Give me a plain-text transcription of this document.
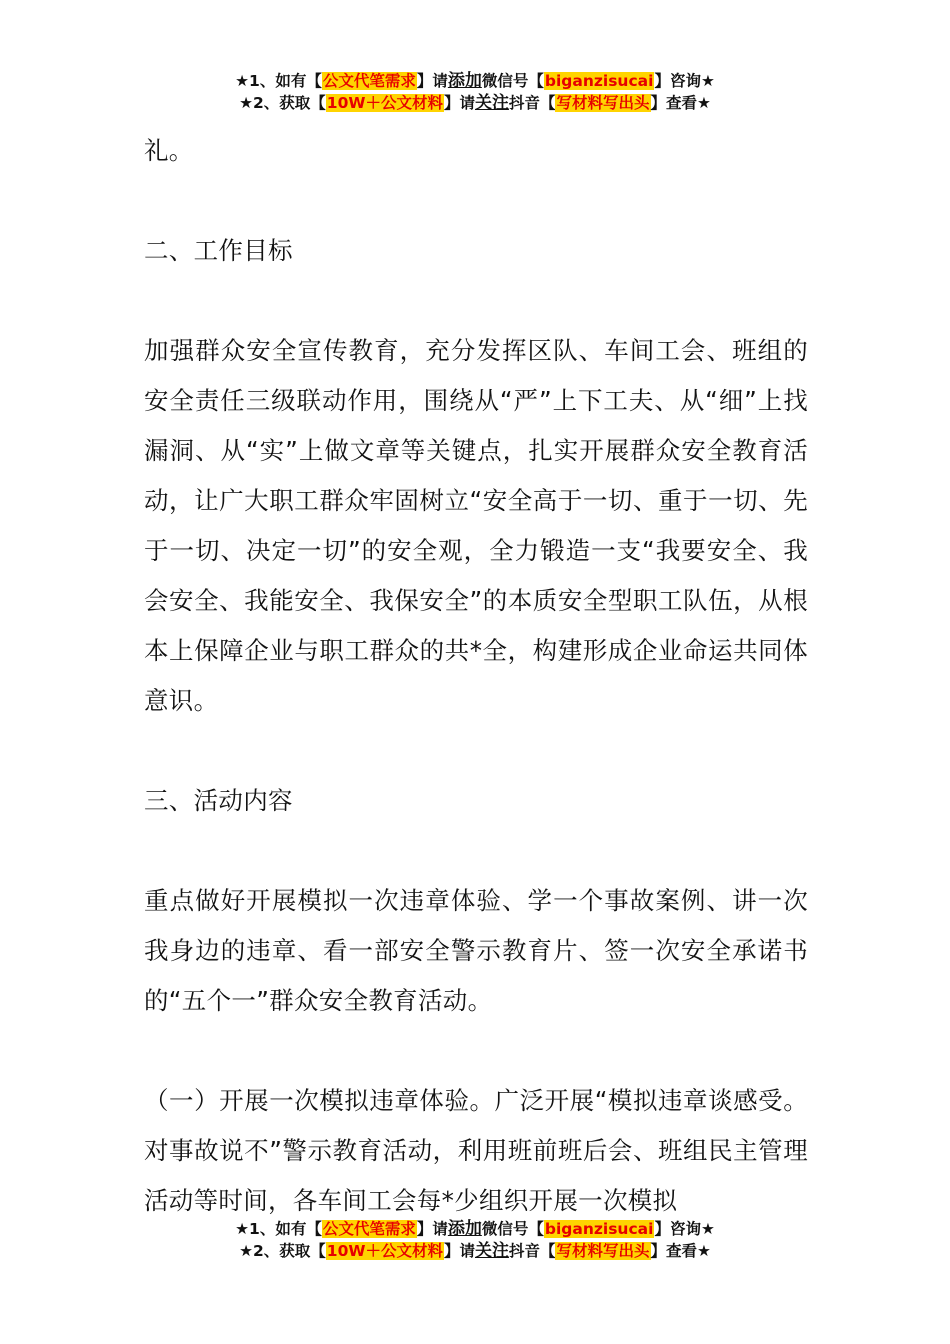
★1、如有【公文代笔需求】请添加微信号【biganzisucai】咨询★
★2、获取【10W＋公文材料】请关注抖音【写材料写出头】查看★

礼。

二、工作目标

加强群众安全宣传教育，充分发挥区队、车间工会、班组的安全责任三级联动作用，围绕从“严”上下工夫、从“细”上找漏洞、从“实”上做文章等关键点，扎实开展群众安全教育活动，让广大职工群众牢固树立“安全高于一切、重于一切、先于一切、决定一切”的安全观，全力锻造一支“我要安全、我会安全、我能安全、我保安全”的本质安全型职工队伍，从根本上保障企业与职工群众的共*全，构建形成企业命运共同体意识。

三、活动内容

重点做好开展模拟一次违章体验、学一个事故案例、讲一次我身边的违章、看一部安全警示教育片、签一次安全承诺书的“五个一”群众安全教育活动。

（一）开展一次模拟违章体验。广泛开展“模拟违章谈感受。对事故说不”警示教育活动，利用班前班后会、班组民主管理活动等时间，各车间工会每*少组织开展一次模拟

★1、如有【公文代笔需求】请添加微信号【biganzisucai】咨询★
★2、获取【10W＋公文材料】请关注抖音【写材料写出头】查看★
